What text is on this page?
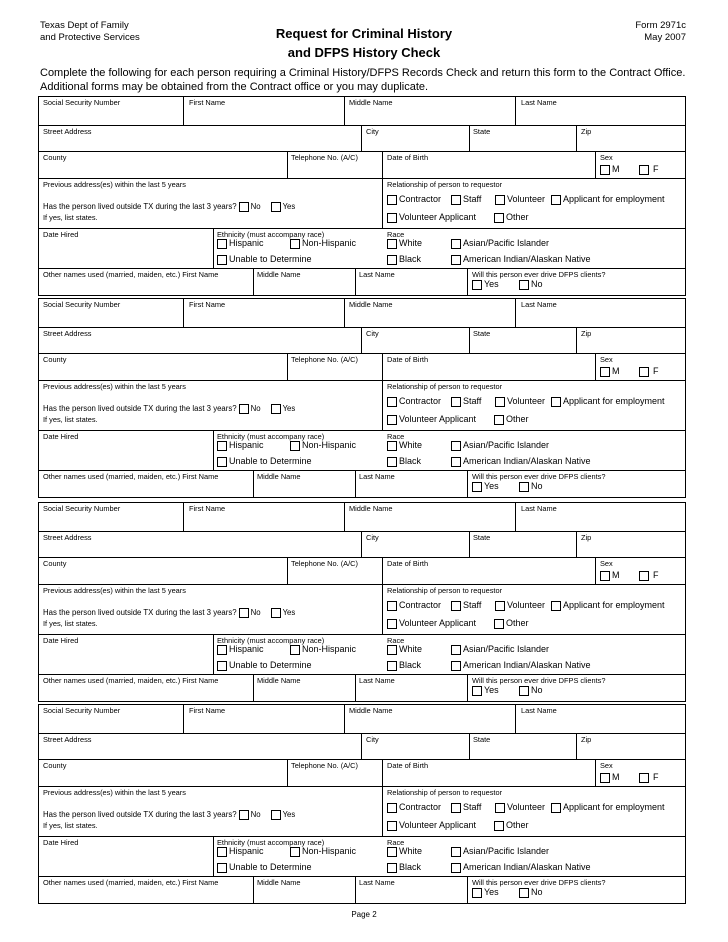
Texas Dept of Family
and Protective Services	Request for Criminal History
and DFPS History Check
Form 2971c
May 2007
Complete the following for each person requiring a Criminal History/DFPS Records Check and return this form to the Contract Office. Additional forms may be obtained from the Contract office or you may duplicate.
Social Security Number	First Name	Middle Name	Last Name
Street Address	City	State	Zip
County	Telephone No. (A/C)	Date of Birth	Sex
M	F
Previous address(es) within the last 5 years
Has the person lived outside TX during the last 3 years? No	Yes
If yes, list states.
Relationship of person to requestor
Contractor Staff	Volunteer Applicant for employment
Volunteer Applicant	Other
Date Hired	Ethnicity (must accompany race)
Hispanic	Non-Hispanic
Unable to Determine
Race
White	Asian/Pacific Islander
Black	American Indian/Alaskan Native
Other names used (married, maiden, etc.) First Name	Middle Name	Last Name	Will this person ever drive DFPS clients?
Yes	No
Social Security Number	First Name	Middle Name	Last Name
Street Address	City	State	Zip
County	Telephone No. (A/C)	Date of Birth	Sex
M	F
Previous address(es) within the last 5 years
Has the person lived outside TX during the last 3 years? No	Yes
If yes, list states.
Relationship of person to requestor
Contractor Staff	Volunteer Applicant for employment
Volunteer Applicant	Other
Date Hired	Ethnicity (must accompany race)
Hispanic	Non-Hispanic
Unable to Determine
Race
White	Asian/Pacific Islander
Black	American Indian/Alaskan Native
Other names used (married, maiden, etc.) First Name	Middle Name	Last Name	Will this person ever drive DFPS clients?
Yes	No
Social Security Number	First Name	Middle Name	Last Name
Street Address	City	State	Zip
County	Telephone No. (A/C)	Date of Birth	Sex
M	F
Previous address(es) within the last 5 years
Has the person lived outside TX during the last 3 years? No	Yes
If yes, list states.
Relationship of person to requestor
Contractor Staff	Volunteer Applicant for employment
Volunteer Applicant	Other
Date Hired	Ethnicity (must accompany race)
Hispanic	Non-Hispanic
Unable to Determine
Race
White	Asian/Pacific Islander
Black	American Indian/Alaskan Native
Other names used (married, maiden, etc.) First Name	Middle Name	Last Name	Will this person ever drive DFPS clients?
Yes	No
Social Security Number	First Name	Middle Name	Last Name
Street Address	City	State	Zip
County	Telephone No. (A/C)	Date of Birth	Sex
M	F
Previous address(es) within the last 5 years
Has the person lived outside TX during the last 3 years? No	Yes
If yes, list states.
Relationship of person to requestor
Contractor Staff	Volunteer Applicant for employment
Volunteer Applicant	Other
Date Hired	Ethnicity (must accompany race)
Hispanic	Non-Hispanic
Unable to Determine
Race
White	Asian/Pacific Islander
Black	American Indian/Alaskan Native
Other names used (married, maiden, etc.) First Name	Middle Name	Last Name	Will this person ever drive DFPS clients?
Yes	No
Page 2
